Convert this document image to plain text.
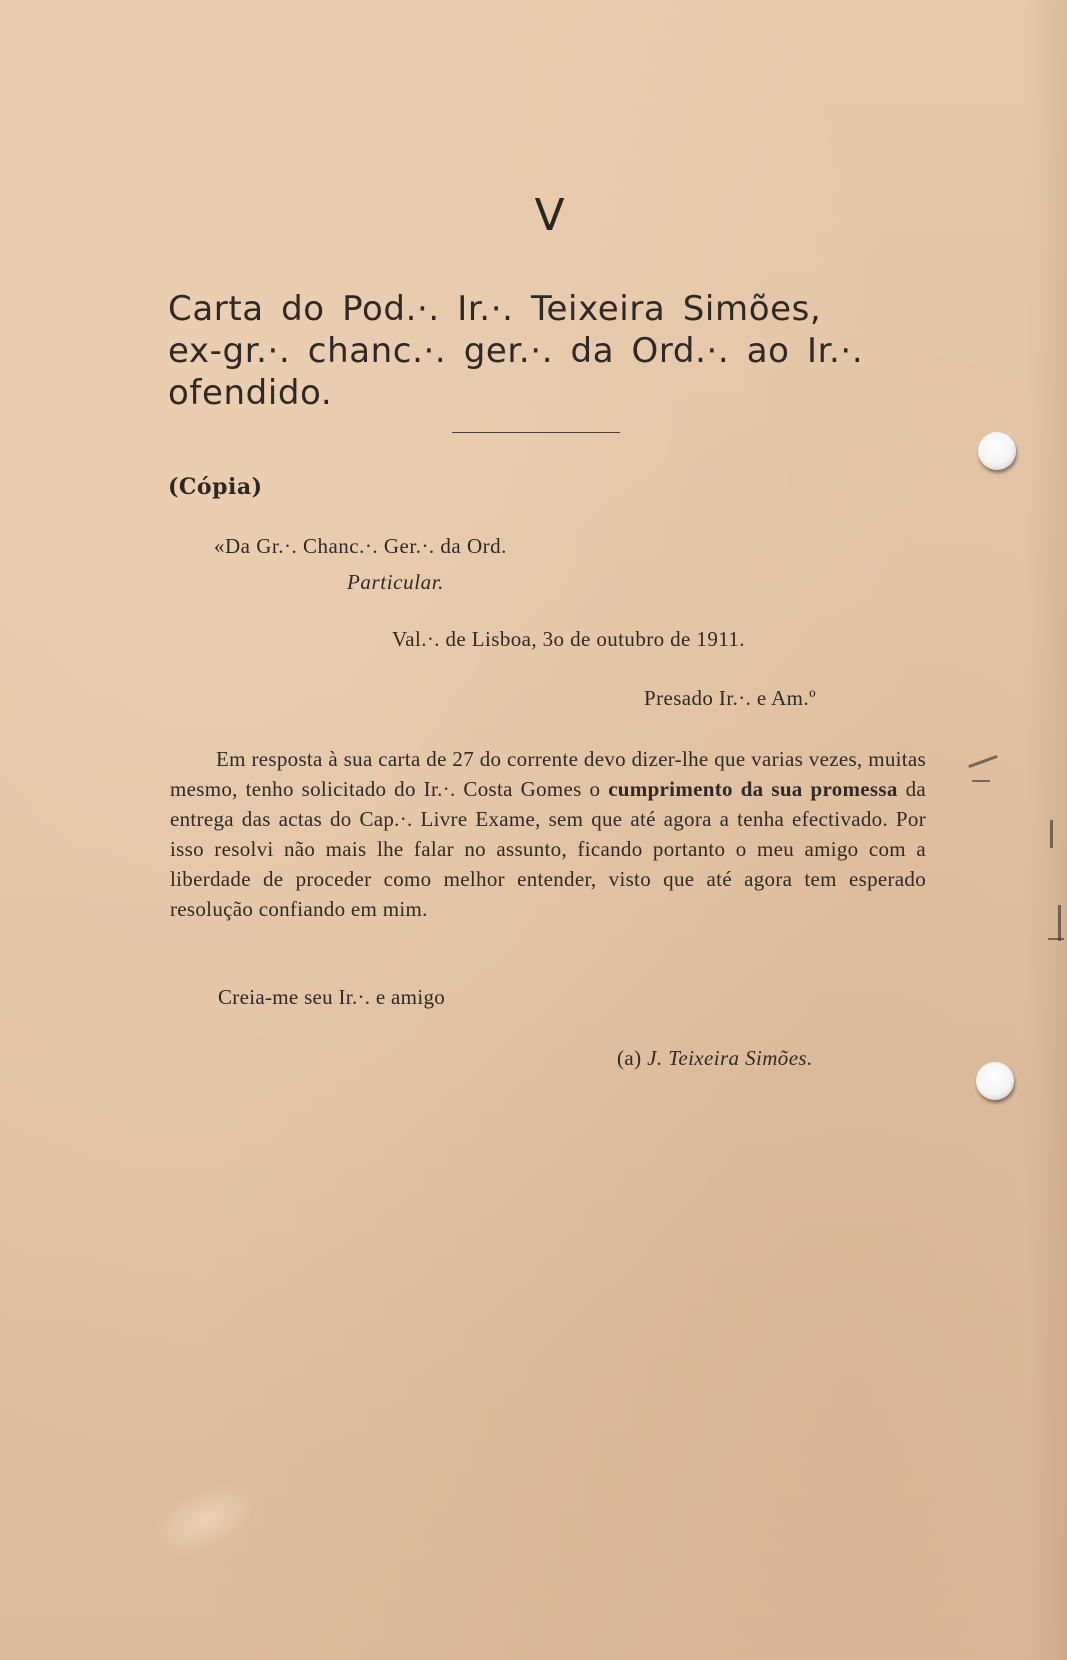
V
Carta do Pod.·. Ir.·. Teixeira Simões,
ex-gr.·. chanc.·. ger.·. da Ord.·. ao Ir.·.
ofendido.
(Cópia)
«Da Gr.·. Chanc.·. Ger.·. da Ord.
Particular.
Val.·. de Lisboa, 3o de outubro de 1911.
Presado Ir.·. e Am.º
Em resposta à sua carta de 27 do corrente devo dizer-lhe que varias vezes, muitas mesmo, tenho solicitado do Ir.·. Costa Gomes o cumprimento da sua promessa da entrega das actas do Cap.·. Livre Exame, sem que até agora a tenha efectivado. Por isso resolvi não mais lhe falar no assunto, ficando portanto o meu amigo com a liberdade de proceder como melhor entender, visto que até agora tem esperado resolução confiando em mim.
Creia-me seu Ir.·. e amigo
(a) J. Teixeira Simões.
